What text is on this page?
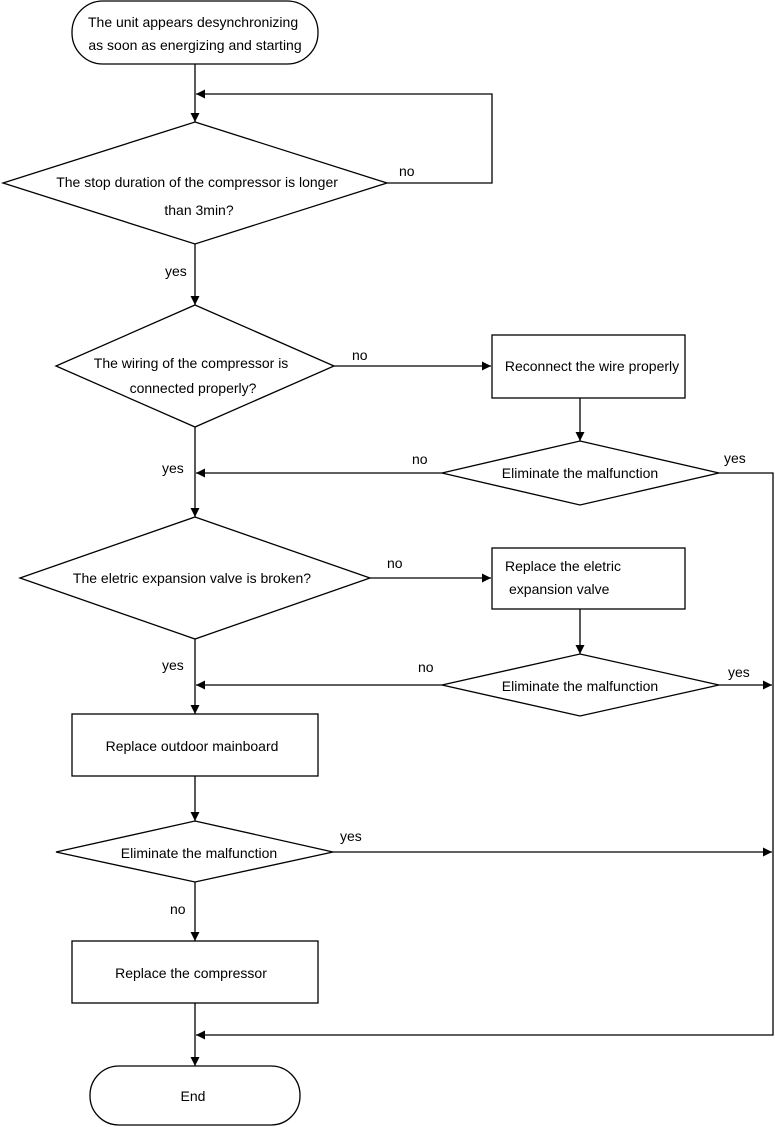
The unit appears desynchronizing as soon as energizing and starting
The stop duration of the compressor is longer than 3min?
The wiring of the compressor is connected properly?
Reconnect the wire properly
Eliminate the malfunction
The eletric expansion valve is broken?
Replace the eletric expansion valve
Eliminate the malfunction
Replace outdoor mainboard
Eliminate the malfunction
Replace the compressor
End
no
yes
no
no	yes
yes
no
no	yes
yes
yes
no
